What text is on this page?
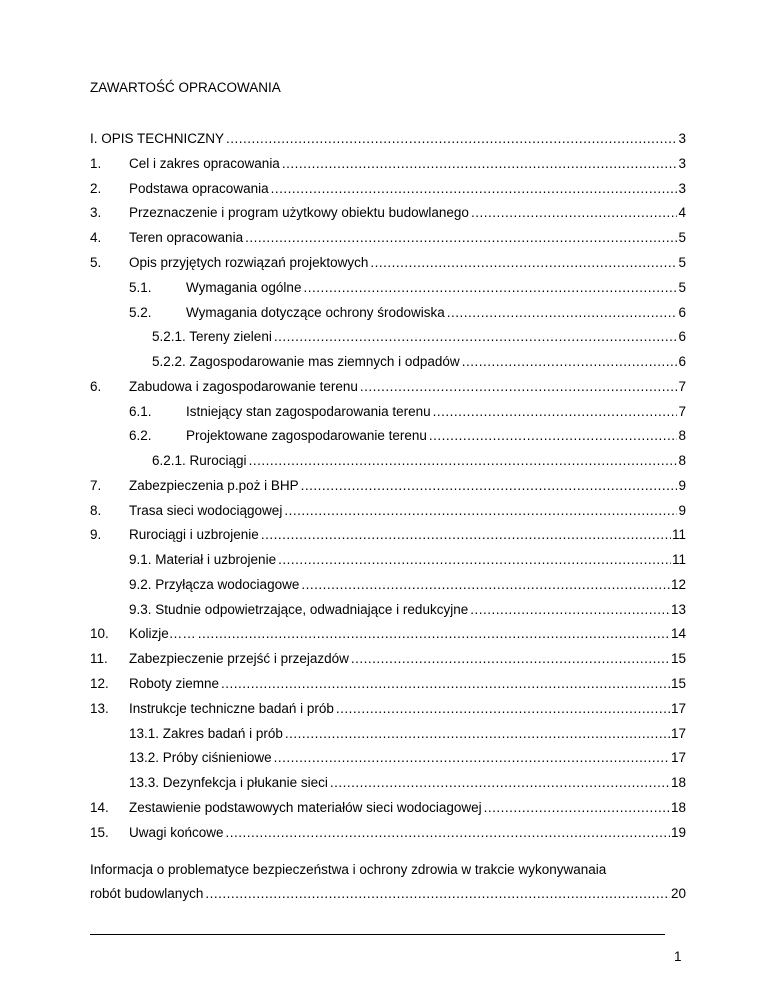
ZAWARTOŚĆ OPRACOWANIA
I. OPIS TECHNICZNY .....	3
1.	Cel i zakres opracowania .....	3
2.	Podstawa opracowania .....	3
3.	Przeznaczenie i program użytkowy obiektu budowlanego .....	4
4.	Teren opracowania .....	5
5.	Opis przyjętych rozwiązań projektowych .....	5
5.1.	Wymagania ogólne .....	5
5.2.	Wymagania dotyczące ochrony środowiska .....	6
5.2.1. Tereny zieleni .....	6
5.2.2. Zagospodarowanie mas ziemnych i odpadów .....	6
6.	Zabudowa i zagospodarowanie terenu .....	7
6.1.	Istniejący stan zagospodarowania terenu .....	7
6.2.	Projektowane zagospodarowanie terenu .....	8
6.2.1. Rurociągi .....	8
7.	Zabezpieczenia p.poż i BHP .....	9
8.	Trasa sieci wodociągowej .....	9
9.	Rurociągi i uzbrojenie .....	11
9.1. Materiał i uzbrojenie .....	11
9.2. Przyłącza wodociagowe .....	12
9.3. Studnie odpowietrzające, odwadniające i redukcyjne .....	13
10.	Kolizje…… .....	14
11.	Zabezpieczenie przejść i przejazdów .....	15
12.	Roboty ziemne .....	15
13.	Instrukcje techniczne badań i prób .....	17
13.1. Zakres badań i prób .....	17
13.2. Próby ciśnieniowe .....	17
13.3. Dezynfekcja i płukanie sieci .....	18
14.	Zestawienie podstawowych materiałów sieci wodociagowej .....	18
15.	Uwagi końcowe .....	19
Informacja o problematyce bezpieczeństwa i ochrony zdrowia w trakcie wykonywanaia
robót budowlanych .....	20
1
